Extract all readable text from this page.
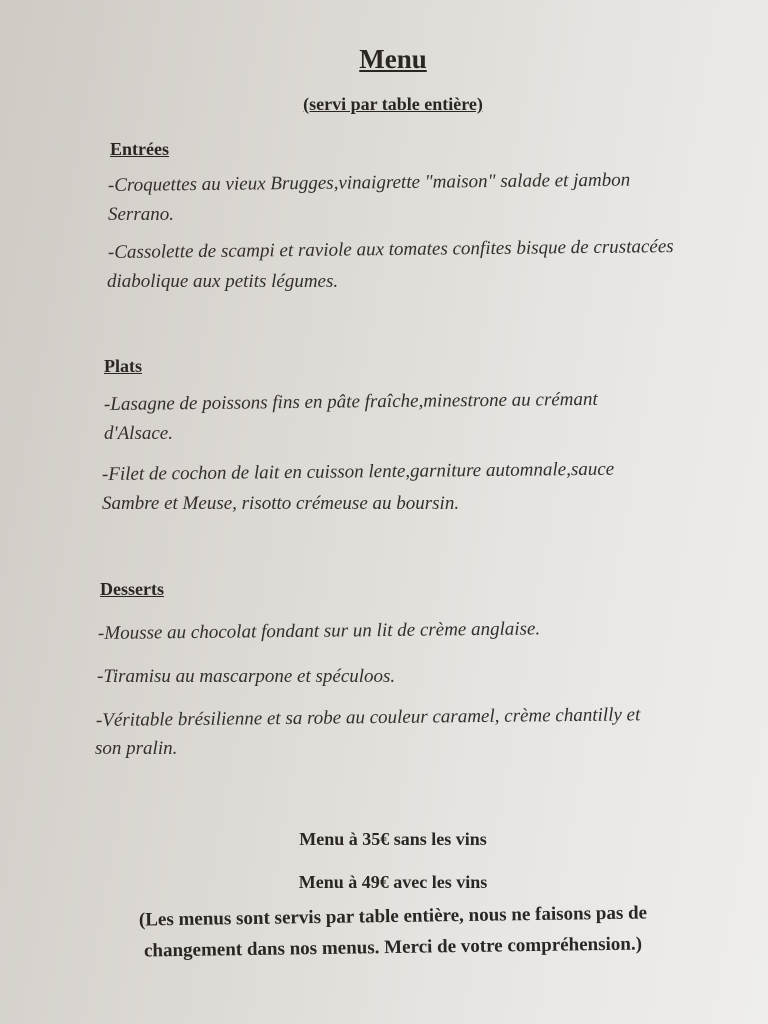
Menu
(servi par table entière)
Entrées
-Croquettes au vieux Brugges,vinaigrette "maison" salade et jambon
Serrano.
-Cassolette de scampi et raviole aux tomates confites bisque de crustacées
diabolique aux petits légumes.
Plats
-Lasagne de poissons fins en pâte fraîche,minestrone au crémant
d'Alsace.
-Filet de cochon de lait en cuisson lente,garniture automnale,sauce
Sambre et Meuse, risotto crémeuse au boursin.
Desserts
-Mousse au chocolat fondant sur un lit de crème anglaise.
-Tiramisu au mascarpone et spéculoos.
-Véritable brésilienne et sa robe au couleur caramel, crème chantilly et
son pralin.
Menu à 35€ sans les vins
Menu à 49€ avec les vins
(Les menus sont servis par table entière, nous ne faisons pas de
changement dans nos menus. Merci de votre compréhension.)
